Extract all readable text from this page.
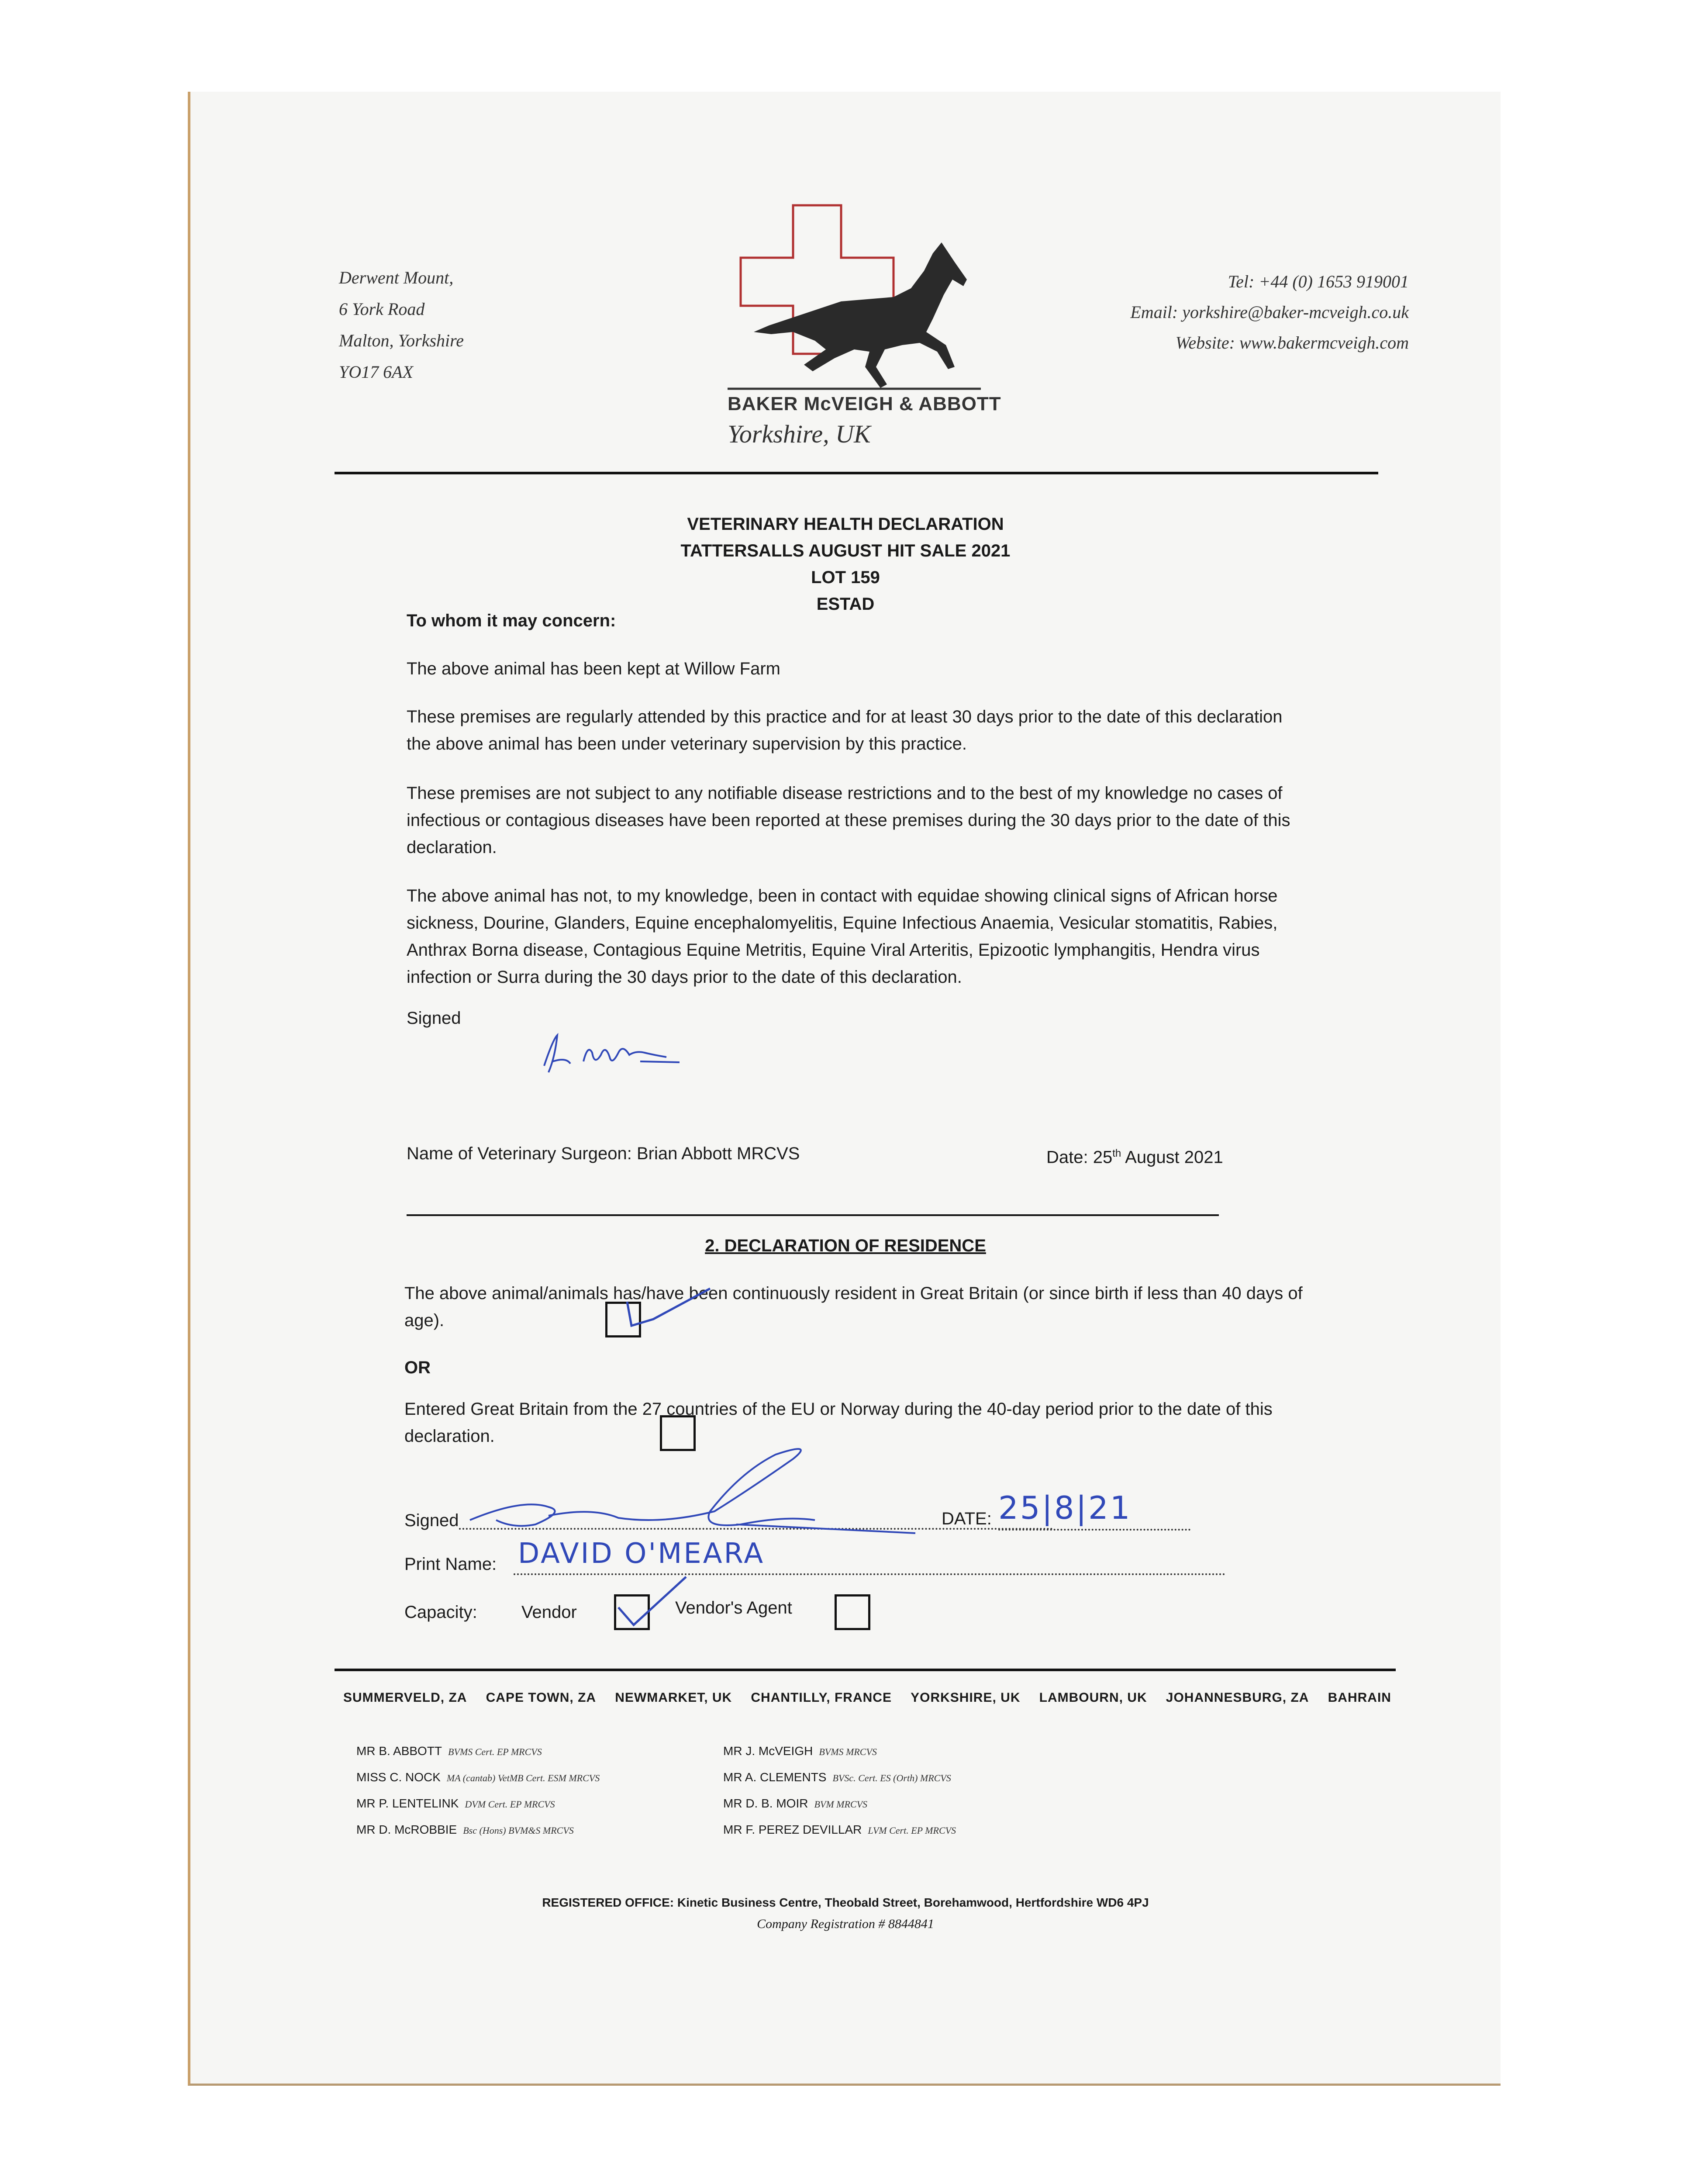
Derwent Mount,
6 York Road
Malton, Yorkshire
YO17 6AX
BAKER McVEIGH & ABBOTT
Yorkshire, UK
Tel: +44 (0) 1653 919001
Email: yorkshire@baker-mcveigh.co.uk
Website: www.bakermcveigh.com
VETERINARY HEALTH DECLARATION
TATTERSALLS AUGUST HIT SALE 2021
LOT 159
ESTAD
To whom it may concern:

The above animal has been kept at Willow Farm

These premises are regularly attended by this practice and for at least 30 days prior to the date of this declaration the above animal has been under veterinary supervision by this practice.

These premises are not subject to any notifiable disease restrictions and to the best of my knowledge no cases of infectious or contagious diseases have been reported at these premises during the 30 days prior to the date of this declaration.

The above animal has not, to my knowledge, been in contact with equidae showing clinical signs of African horse sickness, Dourine, Glanders, Equine encephalomyelitis, Equine Infectious Anaemia, Vesicular stomatitis, Rabies, Anthrax Borna disease, Contagious Equine Metritis, Equine Viral Arteritis, Epizootic lymphangitis, Hendra virus infection or Surra during the 30 days prior to the date of this declaration.

Signed
Name of Veterinary Surgeon: Brian Abbott MRCVS	Date: 25th August 2021
2. DECLARATION OF RESIDENCE

The above animal/animals has/have been continuously resident in Great Britain (or since birth if less than 40 days of age).

OR

Entered Great Britain from the 27 countries of the EU or Norway during the 40-day period prior to the date of this declaration.

Signed	DATE: 25|8|21
Print Name: DAVID O'MEARA
Capacity:	Vendor	Vendor's Agent
SUMMERVELD, ZA CAPE TOWN, ZA NEWMARKET, UK CHANTILLY, FRANCE YORKSHIRE, UK LAMBOURN, UK JOHANNESBURG, ZA BAHRAIN
MR B. ABBOTT BVMS Cert. EP MRCVS
MISS C. NOCK MA (cantab) VetMB Cert. ESM MRCVS
MR P. LENTELINK DVM Cert. EP MRCVS
MR D. McROBBIE Bsc (Hons) BVM&S MRCVS
MR J. McVEIGH BVMS MRCVS
MR A. CLEMENTS BVSc. Cert. ES (Orth) MRCVS
MR D. B. MOIR BVM MRCVS
MR F. PEREZ DEVILLAR LVM Cert. EP MRCVS
REGISTERED OFFICE: Kinetic Business Centre, Theobald Street, Borehamwood, Hertfordshire WD6 4PJ
Company Registration # 8844841
